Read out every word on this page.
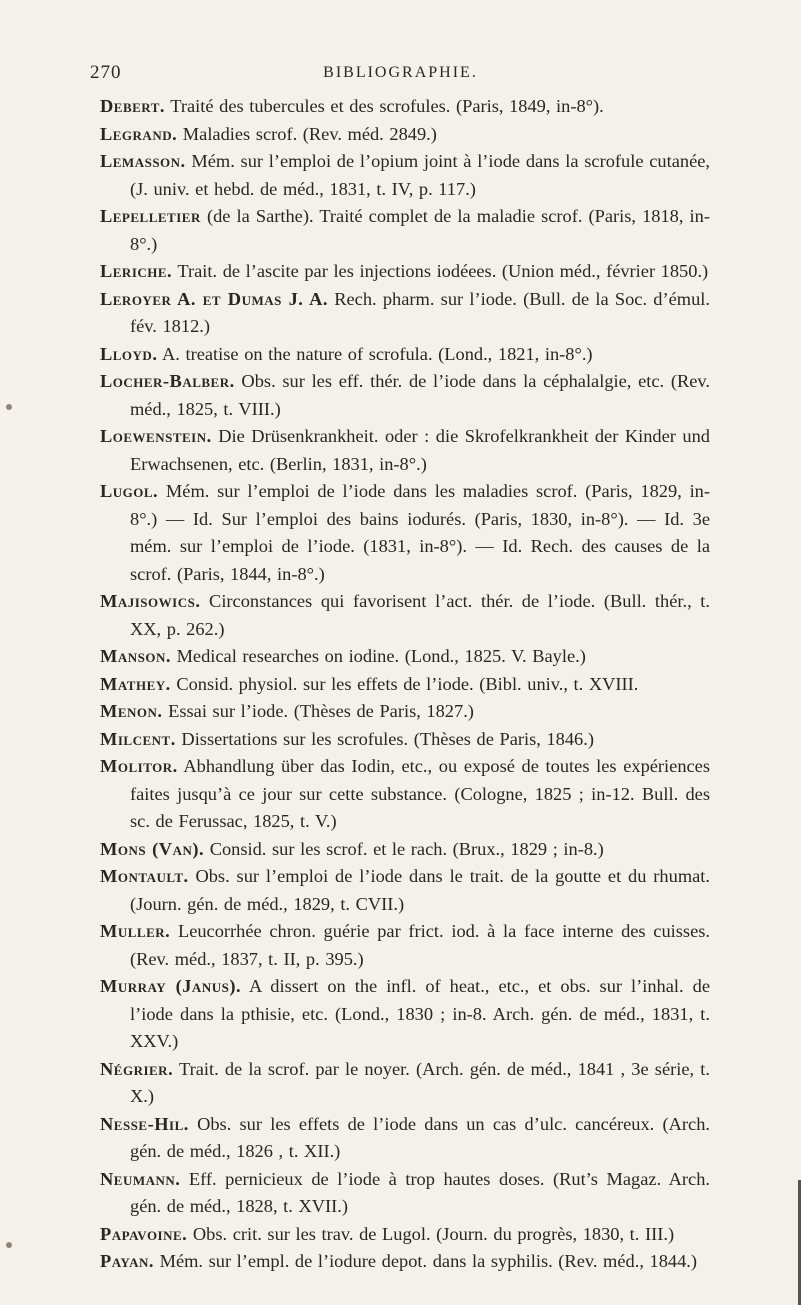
270	BIBLIOGRAPHIE.

Debert. Traité des tubercules et des scrofules. (Paris, 1849, in-8°).

Legrand. Maladies scrof. (Rev. méd. 2849.)

Lemasson. Mém. sur l’emploi de l’opium joint à l’iode dans la scrofule cutanée, (J. univ. et hebd. de méd., 1831, t. IV, p. 117.)

Lepelletier (de la Sarthe). Traité complet de la maladie scrof. (Paris, 1818, in-8°.)

Leriche. Trait. de l’ascite par les injections iodéees. (Union méd., février 1850.)

Leroyer A. et Dumas J. A. Rech. pharm. sur l’iode. (Bull. de la Soc. d’émul. fév. 1812.)

Lloyd. A. treatise on the nature of scrofula. (Lond., 1821, in-8°.)

Locher-Balber. Obs. sur les eff. thér. de l’iode dans la céphalalgie, etc. (Rev. méd., 1825, t. VIII.)

Loewenstein. Die Drüsenkrankheit. oder : die Skrofelkrankheit der Kinder und Erwachsenen, etc. (Berlin, 1831, in-8°.)

Lugol. Mém. sur l’emploi de l’iode dans les maladies scrof. (Paris, 1829, in-8°.) — Id. Sur l’emploi des bains iodurés. (Paris, 1830, in-8°). — Id. 3e mém. sur l’emploi de l’iode. (1831, in-8°). — Id. Rech. des causes de la scrof. (Paris, 1844, in-8°.)

Majisowics. Circonstances qui favorisent l’act. thér. de l’iode. (Bull. thér., t. XX, p. 262.)

Manson. Medical researches on iodine. (Lond., 1825. V. Bayle.)

Mathey. Consid. physiol. sur les effets de l’iode. (Bibl. univ., t. XVIII.

Menon. Essai sur l’iode. (Thèses de Paris, 1827.)

Milcent. Dissertations sur les scrofules. (Thèses de Paris, 1846.)

Molitor. Abhandlung über das Iodin, etc., ou exposé de toutes les expériences faites jusqu’à ce jour sur cette substance. (Cologne, 1825 ; in-12. Bull. des sc. de Ferussac, 1825, t. V.)

Mons (Van). Consid. sur les scrof. et le rach. (Brux., 1829 ; in-8.)

Montault. Obs. sur l’emploi de l’iode dans le trait. de la goutte et du rhumat. (Journ. gén. de méd., 1829, t. CVII.)

Muller. Leucorrhée chron. guérie par frict. iod. à la face interne des cuisses. (Rev. méd., 1837, t. II, p. 395.)

Murray (Janus). A dissert on the infl. of heat., etc., et obs. sur l’inhal. de l’iode dans la pthisie, etc. (Lond., 1830 ; in-8. Arch. gén. de méd., 1831, t. XXV.)

Négrier. Trait. de la scrof. par le noyer. (Arch. gén. de méd., 1841 , 3e série, t. X.)

Nesse-Hil. Obs. sur les effets de l’iode dans un cas d’ulc. cancéreux. (Arch. gén. de méd., 1826 , t. XII.)

Neumann. Eff. pernicieux de l’iode à trop hautes doses. (Rut’s Magaz. Arch. gén. de méd., 1828, t. XVII.)

Papavoine. Obs. crit. sur les trav. de Lugol. (Journ. du progrès, 1830, t. III.)

Payan. Mém. sur l’empl. de l’iodure depot. dans la syphilis. (Rev. méd., 1844.)
